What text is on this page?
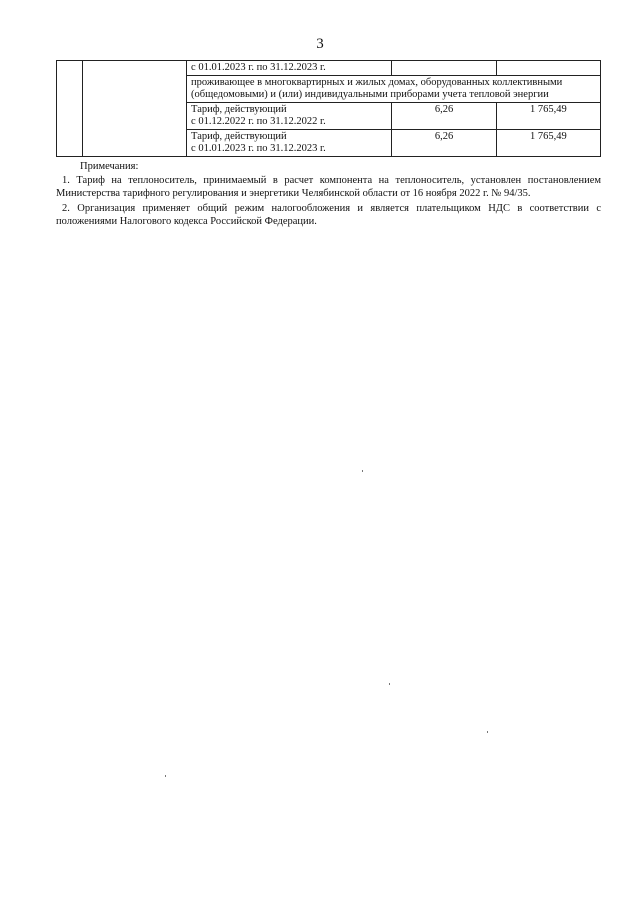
3
		с 01.01.2023 г. по 31.12.2023 г.		
		проживающее в многоквартирных и жилых домах, оборудованных коллективными (общедомовыми) и (или) индивидуальными приборами учета тепловой энергии		

		Тариф, действующий
с 01.12.2022 г. по 31.12.2022 г.	6,26	1 765,49

		Тариф, действующий
с 01.01.2023 г. по 31.12.2023 г.	6,26	1 765,49
Примечания:

1. Тариф на теплоноситель, принимаемый в расчет компонента на теплоноситель, установлен постановлением Министерства тарифного регулирования и энергетики Челябинской области от 16 ноября 2022 г. № 94/35.

2. Организация применяет общий режим налогообложения и является плательщиком НДС в соответствии с положениями Налогового кодекса Российской Федерации.
